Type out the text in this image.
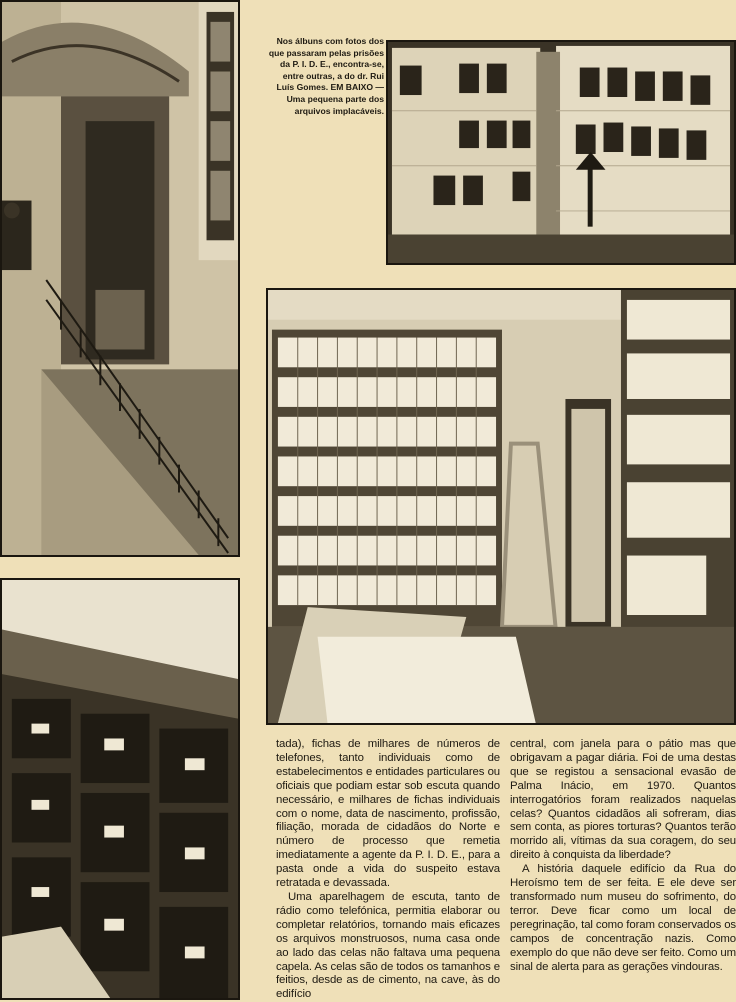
Nos álbuns com fotos dos que passaram pelas prisões da P. I. D. E., encontra-se, entre outras, a do dr. Rui Luís Gomes. EM BAIXO — Uma pequena parte dos arquivos implacáveis.

tada), fichas de milhares de números de telefones, tanto individuais como de estabelecimentos e entidades particulares ou oficiais que podiam estar sob escuta quando necessário, e milhares de fichas individuais com o nome, data de nascimento, profissão, filiação, morada de cidadãos do Norte e número de processo que remetia imediatamente a agente da P. I. D. E., para a pasta onde a vida do suspeito estava retratada e devassada.

Uma aparelhagem de escuta, tanto de rádio como telefónica, permitia elaborar ou completar relatórios, tornando mais eficazes os arquivos monstruosos, numa casa onde ao lado das celas não faltava uma pequena capela. As celas são de todos os tamanhos e feitios, desde as de cimento, na cave, às do edifício

central, com janela para o pátio mas que obrigavam a pagar diária. Foi de uma destas que se registou a sensacional evasão de Palma Inácio, em 1970. Quantos interrogatórios foram realizados naquelas celas? Quantos cidadãos ali sofreram, dias sem conta, as piores torturas? Quantos terão morrido ali, vítimas da sua coragem, do seu direito à conquista da liberdade?

A história daquele edifício da Rua do Heroísmo tem de ser feita. E ele deve ser transformado num museu do sofrimento, do terror. Deve ficar como um local de peregrinação, tal como foram conservados os campos de concentração nazis. Como exemplo do que não deve ser feito. Como um sinal de alerta para as gerações vindouras.
